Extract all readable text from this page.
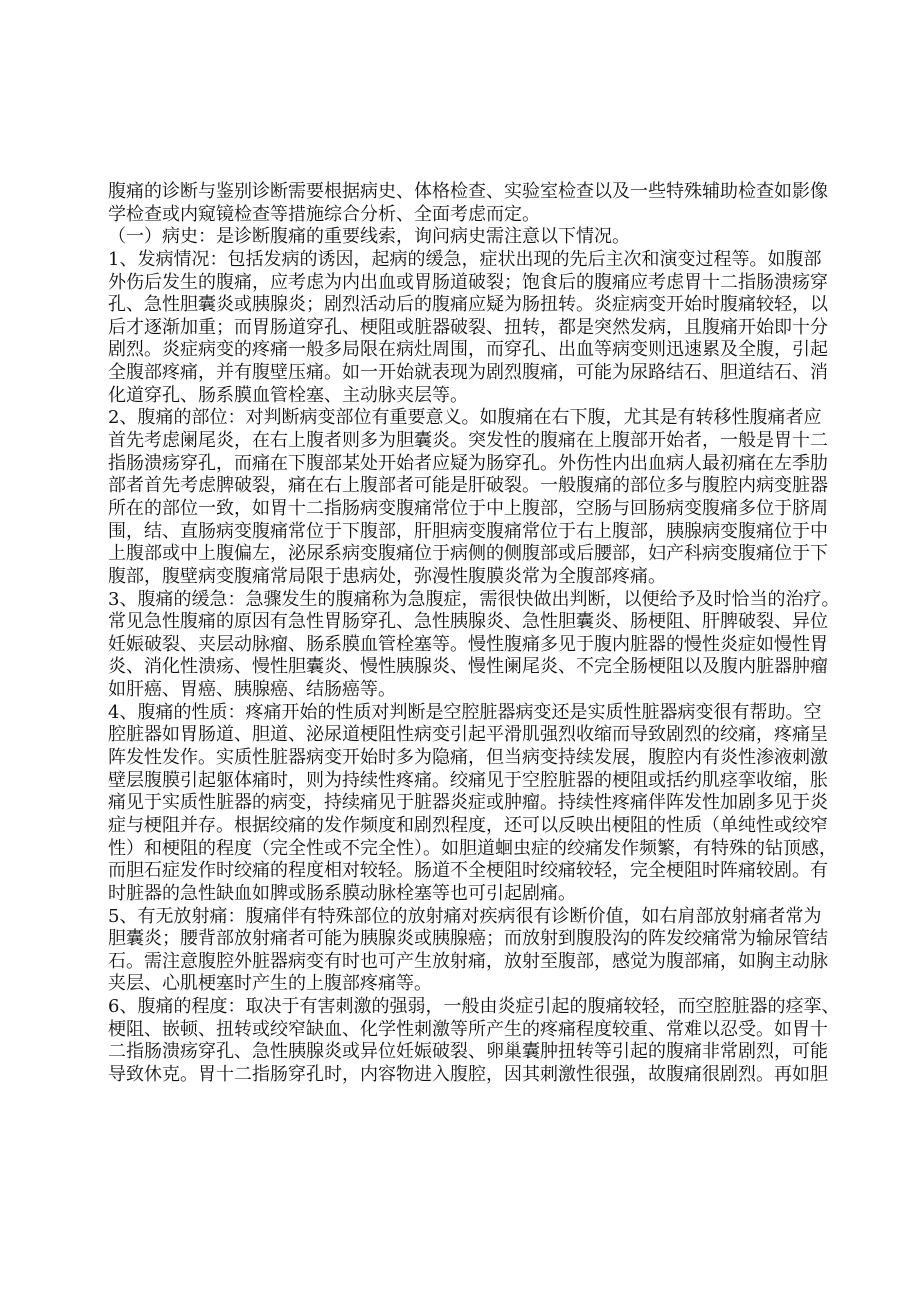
腹痛的诊断与鉴别诊断需要根据病史、体格检查、实验室检查以及一些特殊辅助检查如影像
学检查或内窥镜检查等措施综合分析、全面考虑而定。
（一）病史：是诊断腹痛的重要线索，询问病史需注意以下情况。
1、发病情况：包括发病的诱因，起病的缓急，症状出现的先后主次和演变过程等。如腹部
外伤后发生的腹痛，应考虑为内出血或胃肠道破裂；饱食后的腹痛应考虑胃十二指肠溃疡穿
孔、急性胆囊炎或胰腺炎；剧烈活动后的腹痛应疑为肠扭转。炎症病变开始时腹痛较轻，以
后才逐渐加重；而胃肠道穿孔、梗阻或脏器破裂、扭转，都是突然发病，且腹痛开始即十分
剧烈。炎症病变的疼痛一般多局限在病灶周围，而穿孔、出血等病变则迅速累及全腹，引起
全腹部疼痛，并有腹壁压痛。如一开始就表现为剧烈腹痛，可能为尿路结石、胆道结石、消
化道穿孔、肠系膜血管栓塞、主动脉夹层等。
2、腹痛的部位：对判断病变部位有重要意义。如腹痛在右下腹，尤其是有转移性腹痛者应
首先考虑阑尾炎，在右上腹者则多为胆囊炎。突发性的腹痛在上腹部开始者，一般是胃十二
指肠溃疡穿孔，而痛在下腹部某处开始者应疑为肠穿孔。外伤性内出血病人最初痛在左季肋
部者首先考虑脾破裂，痛在右上腹部者可能是肝破裂。一般腹痛的部位多与腹腔内病变脏器
所在的部位一致，如胃十二指肠病变腹痛常位于中上腹部，空肠与回肠病变腹痛多位于脐周
围，结、直肠病变腹痛常位于下腹部，肝胆病变腹痛常位于右上腹部，胰腺病变腹痛位于中
上腹部或中上腹偏左，泌尿系病变腹痛位于病侧的侧腹部或后腰部，妇产科病变腹痛位于下
腹部，腹壁病变腹痛常局限于患病处，弥漫性腹膜炎常为全腹部疼痛。
3、腹痛的缓急：急骤发生的腹痛称为急腹症，需很快做出判断，以便给予及时恰当的治疗。
常见急性腹痛的原因有急性胃肠穿孔、急性胰腺炎、急性胆囊炎、肠梗阻、肝脾破裂、异位
妊娠破裂、夹层动脉瘤、肠系膜血管栓塞等。慢性腹痛多见于腹内脏器的慢性炎症如慢性胃
炎、消化性溃疡、慢性胆囊炎、慢性胰腺炎、慢性阑尾炎、不完全肠梗阻以及腹内脏器肿瘤
如肝癌、胃癌、胰腺癌、结肠癌等。
4、腹痛的性质：疼痛开始的性质对判断是空腔脏器病变还是实质性脏器病变很有帮助。空
腔脏器如胃肠道、胆道、泌尿道梗阻性病变引起平滑肌强烈收缩而导致剧烈的绞痛，疼痛呈
阵发性发作。实质性脏器病变开始时多为隐痛，但当病变持续发展，腹腔内有炎性渗液刺激
壁层腹膜引起躯体痛时，则为持续性疼痛。绞痛见于空腔脏器的梗阻或括约肌痉挛收缩，胀
痛见于实质性脏器的病变，持续痛见于脏器炎症或肿瘤。持续性疼痛伴阵发性加剧多见于炎
症与梗阻并存。根据绞痛的发作频度和剧烈程度，还可以反映出梗阻的性质（单纯性或绞窄
性）和梗阻的程度（完全性或不完全性）。如胆道蛔虫症的绞痛发作频繁，有特殊的钻顶感，
而胆石症发作时绞痛的程度相对较轻。肠道不全梗阻时绞痛较轻，完全梗阻时阵痛较剧。有
时脏器的急性缺血如脾或肠系膜动脉栓塞等也可引起剧痛。
5、有无放射痛：腹痛伴有特殊部位的放射痛对疾病很有诊断价值，如右肩部放射痛者常为
胆囊炎；腰背部放射痛者可能为胰腺炎或胰腺癌；而放射到腹股沟的阵发绞痛常为输尿管结
石。需注意腹腔外脏器病变有时也可产生放射痛，放射至腹部，感觉为腹部痛，如胸主动脉
夹层、心肌梗塞时产生的上腹部疼痛等。
6、腹痛的程度：取决于有害刺激的强弱，一般由炎症引起的腹痛较轻，而空腔脏器的痉挛、
梗阻、嵌顿、扭转或绞窄缺血、化学性刺激等所产生的疼痛程度较重、常难以忍受。如胃十
二指肠溃疡穿孔、急性胰腺炎或异位妊娠破裂、卵巢囊肿扭转等引起的腹痛非常剧烈，可能
导致休克。胃十二指肠穿孔时，内容物进入腹腔，因其刺激性很强，故腹痛很剧烈。再如胆
